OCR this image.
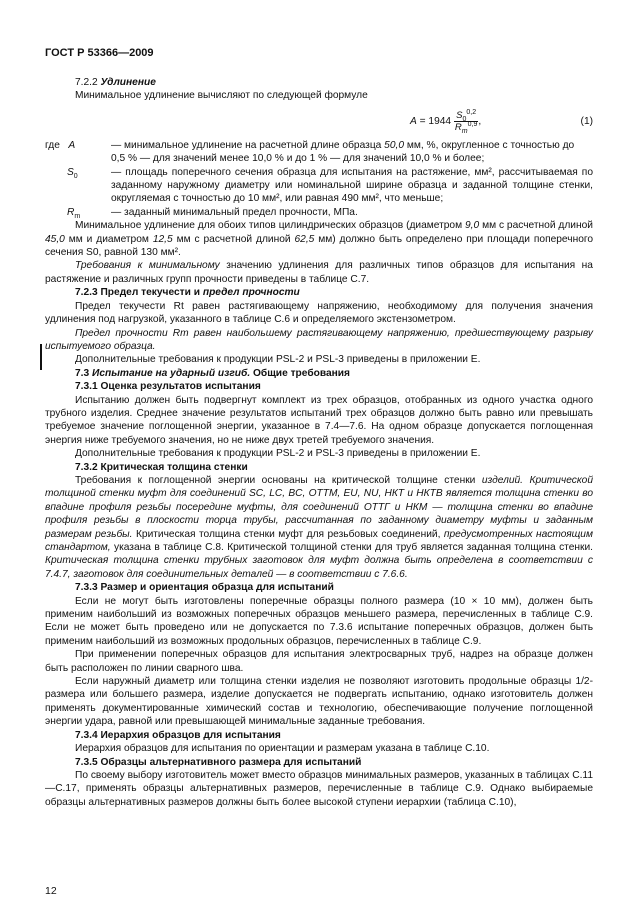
ГОСТ Р 53366—2009

7.2.2 Удлинение

Минимальное удлинение вычисляют по следующей формуле

$A = 1944 \frac{S_0^{0,2}}{R_m^{0,9}}$ ,	(1)
где A	— минимальное удлинение на расчетной длине образца 50,0 мм, %, округленное с точностью до
0,5 % — для значений менее 10,0 % и до 1 % — для значений 10,0 % и более;
$S_0$	— площадь поперечного сечения образца для испытания на растяжение, мм², рассчитываемая по заданному наружному диаметру или номинальной ширине образца и заданной толщине стенки, округляемая с точностью до 10 мм², или равная 490 мм², что меньше;
$R_m$	— заданный минимальный предел прочности, МПа.

Минимальное удлинение для обоих типов цилиндрических образцов (диаметром 9,0 мм с расчетной длиной 45,0 мм и диаметром 12,5 мм с расчетной длиной 62,5 мм) должно быть определено при площади поперечного сечения S0, равной 130 мм².

Требования к минимальному значению удлинения для различных типов образцов для испытания на растяжение и различных групп прочности приведены в таблице С.7.

7.2.3 Предел текучести и предел прочности

Предел текучести Rt равен растягивающему напряжению, необходимому для получения значения удлинения под нагрузкой, указанного в таблице С.6 и определяемого экстензометром.

Предел прочности Rm равен наибольшему растягивающему напряжению, предшествующему разрыву испытуемого образца.

Дополнительные требования к продукции PSL-2 и PSL-3 приведены в приложении Е.

7.3 Испытание на ударный изгиб. Общие требования

7.3.1 Оценка результатов испытания

Испытанию должен быть подвергнут комплект из трех образцов, отобранных из одного участка одного трубного изделия. Среднее значение результатов испытаний трех образцов должно быть равно или превышать требуемое значение поглощенной энергии, указанное в 7.4—7.6. На одном образце допускается поглощенная энергия ниже требуемого значения, но не ниже двух третей требуемого значения.

Дополнительные требования к продукции PSL-2 и PSL-3 приведены в приложении Е.

7.3.2 Критическая толщина стенки

Требования к поглощенной энергии основаны на критической толщине стенки изделий. Критической толщиной стенки муфт для соединений SC, LC, BC, OTTM, EU, NU, НКТ и НКТВ является толщина стенки во впадине профиля резьбы посередине муфты, для соединений ОТТГ и НКМ — толщина стенки во впадине профиля резьбы в плоскости торца трубы, рассчитанная по заданному диаметру муфты и заданным размерам резьбы. Критическая толщина стенки муфт для резьбовых соединений, предусмотренных настоящим стандартом, указана в таблице С.8. Критической толщиной стенки для труб является заданная толщина стенки. Критическая толщина стенки трубных заготовок для муфт должна быть определена в соответствии с 7.4.7, заготовок для соединительных деталей — в соответствии с 7.6.6.

7.3.3 Размер и ориентация образца для испытаний

Если не могут быть изготовлены поперечные образцы полного размера (10 × 10 мм), должен быть применим наибольший из возможных поперечных образцов меньшего размера, перечисленных в таблице С.9. Если не может быть проведено или не допускается по 7.3.6 испытание поперечных образцов, должен быть применим наибольший из возможных продольных образцов, перечисленных в таблице С.9.

При применении поперечных образцов для испытания электросварных труб, надрез на образце должен быть расположен по линии сварного шва.

Если наружный диаметр или толщина стенки изделия не позволяют изготовить продольные образцы 1/2-размера или большего размера, изделие допускается не подвергать испытанию, однако изготовитель должен применять документированные химический состав и технологию, обеспечивающие получение поглощенной энергии удара, равной или превышающей минимальные заданные требования.

7.3.4 Иерархия образцов для испытания

Иерархия образцов для испытания по ориентации и размерам указана в таблице С.10.

7.3.5 Образцы альтернативного размера для испытаний

По своему выбору изготовитель может вместо образцов минимальных размеров, указанных в таблицах С.11—С.17, применять образцы альтернативных размеров, перечисленные в таблице С.9. Однако выбираемые образцы альтернативных размеров должны быть более высокой ступени иерархии (таблица С.10),

12
